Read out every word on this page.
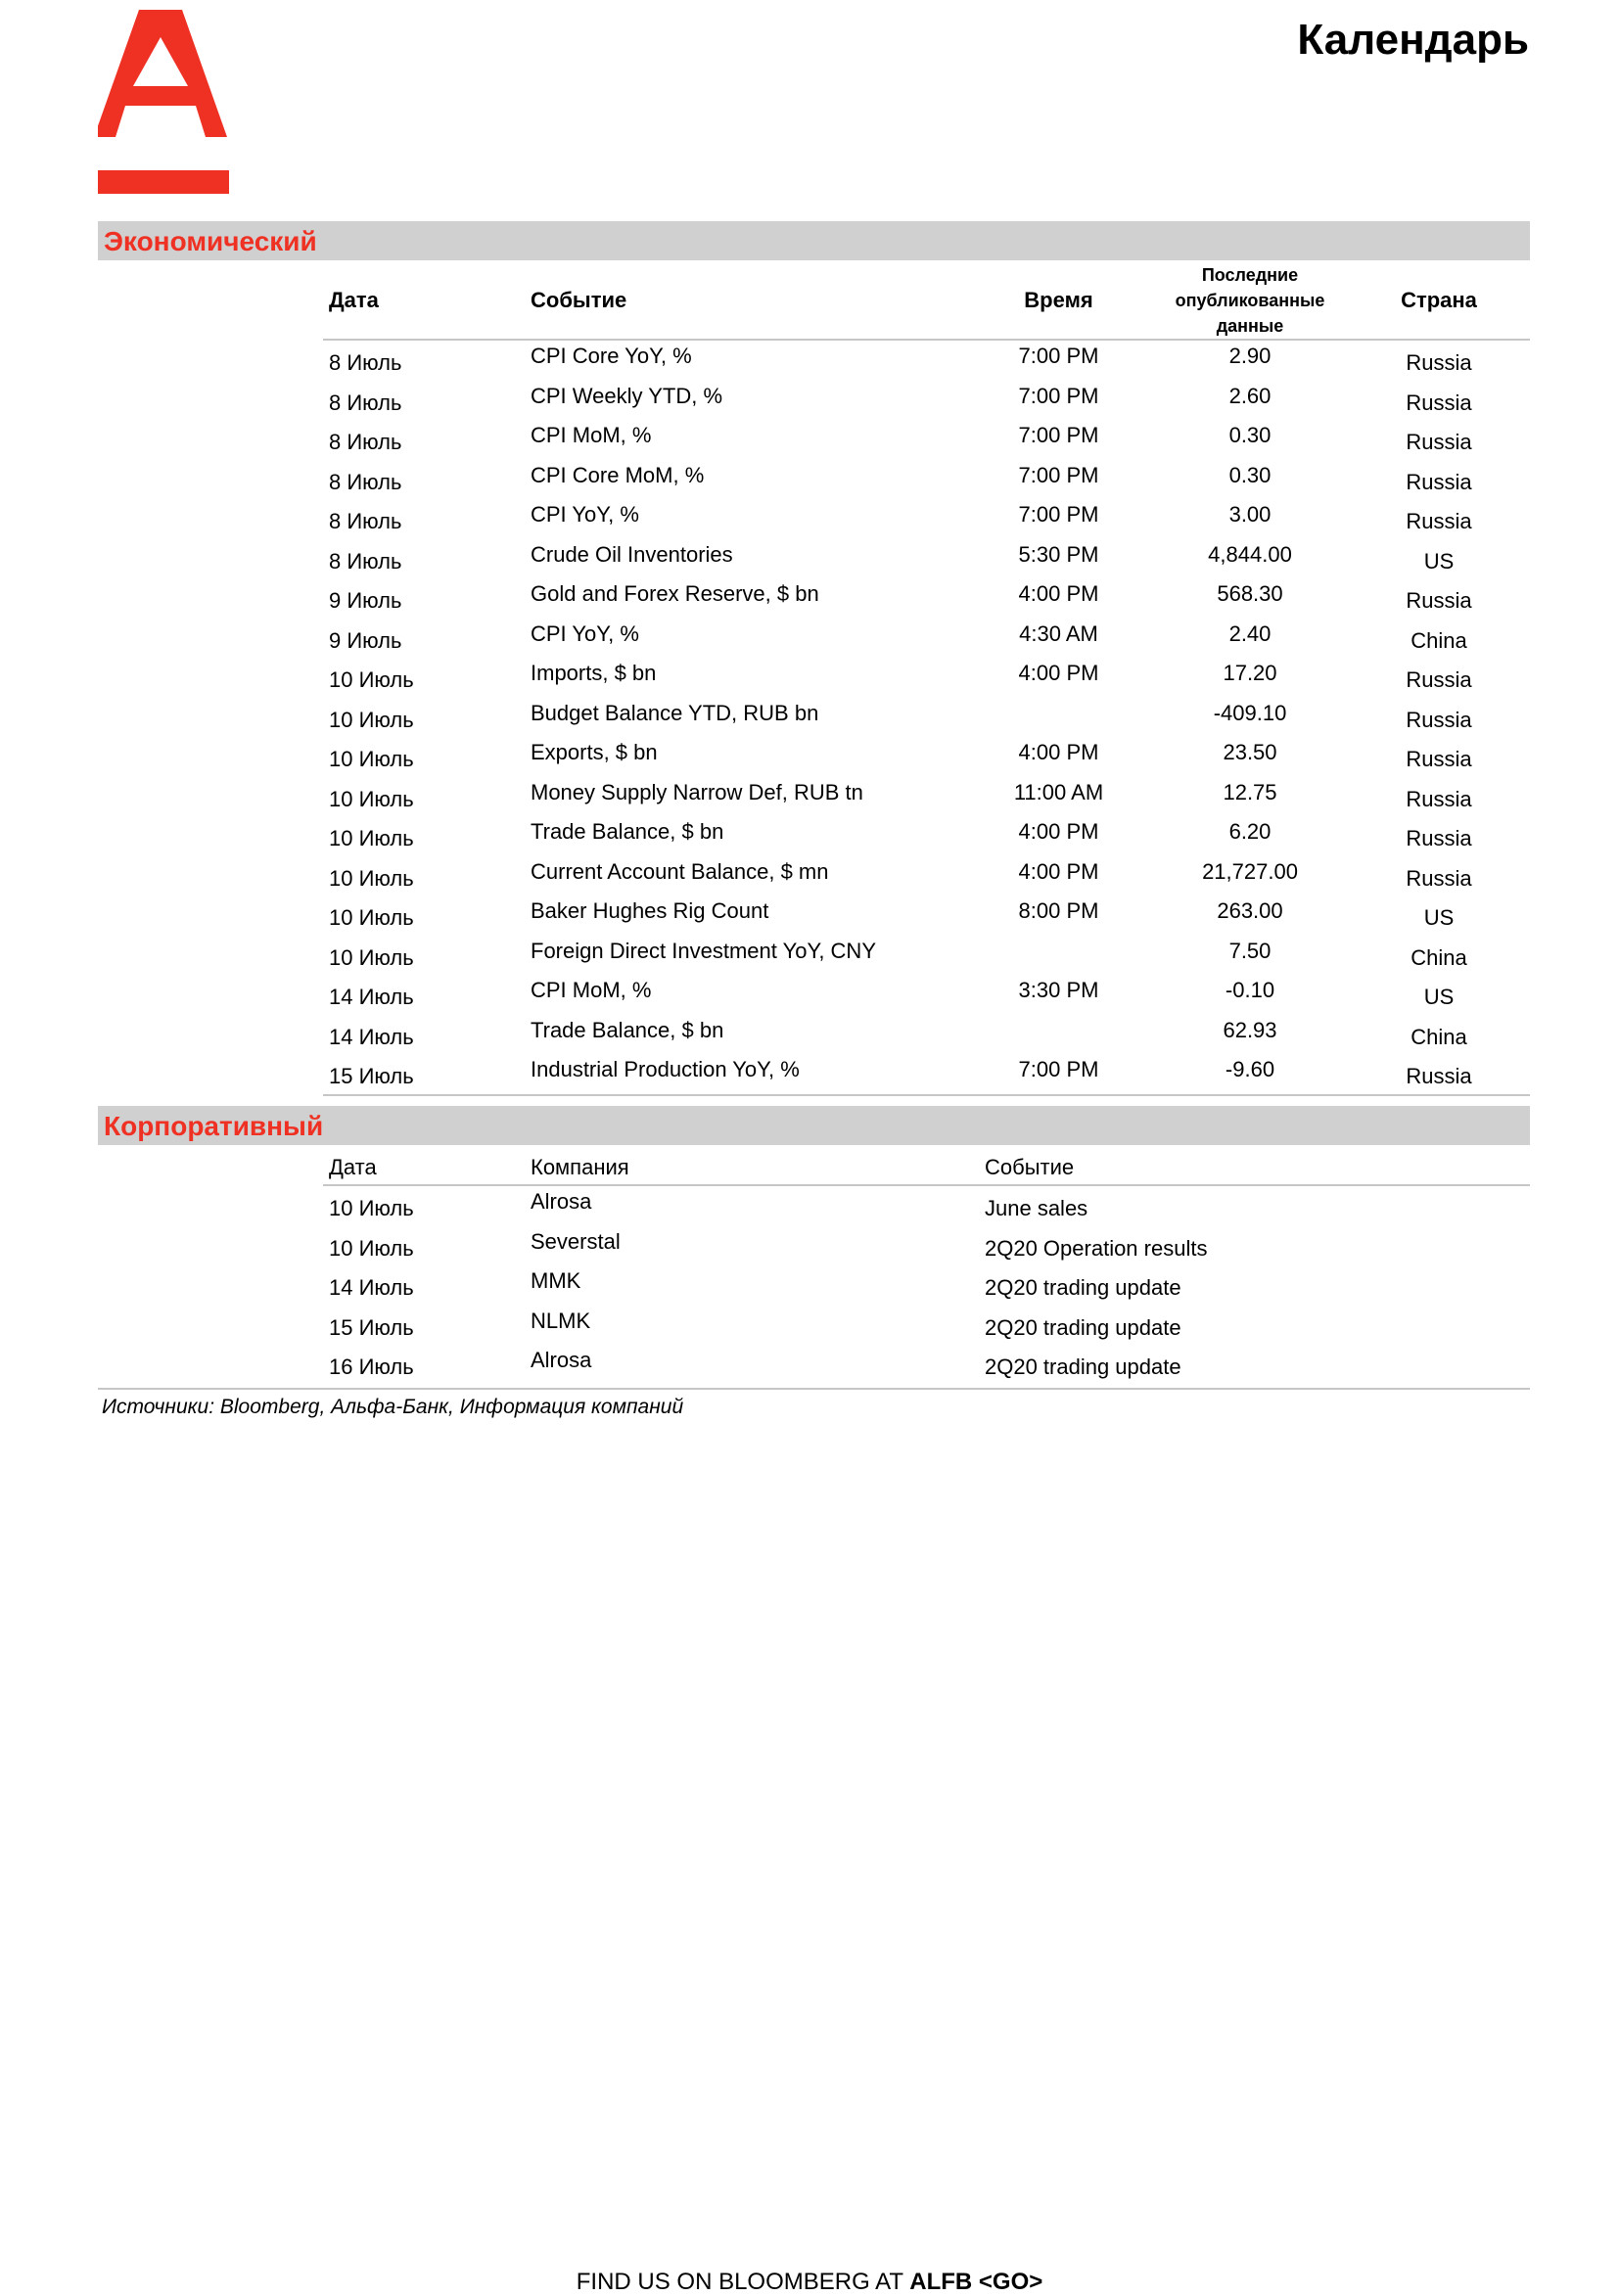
Календарь
Экономический
Дата	Событие	Время	Последние опубликованные данные	Страна
8 Июль	CPI Core YoY, %	7:00 PM	2.90	Russia
8 Июль	CPI Weekly YTD, %	7:00 PM	2.60	Russia
8 Июль	CPI MoM, %	7:00 PM	0.30	Russia
8 Июль	CPI Core MoM, %	7:00 PM	0.30	Russia
8 Июль	CPI YoY, %	7:00 PM	3.00	Russia
8 Июль	Crude Oil Inventories	5:30 PM	4,844.00	US
9 Июль	Gold and Forex Reserve, $ bn	4:00 PM	568.30	Russia
9 Июль	CPI YoY, %	4:30 AM	2.40	China
10 Июль	Imports, $ bn	4:00 PM	17.20	Russia
10 Июль	Budget Balance YTD, RUB bn		-409.10	Russia
10 Июль	Exports, $ bn	4:00 PM	23.50	Russia
10 Июль	Money Supply Narrow Def, RUB tn	11:00 AM	12.75	Russia
10 Июль	Trade Balance, $ bn	4:00 PM	6.20	Russia
10 Июль	Current Account Balance, $ mn	4:00 PM	21,727.00	Russia
10 Июль	Baker Hughes Rig Count	8:00 PM	263.00	US
10 Июль	Foreign Direct Investment YoY, CNY		7.50	China
14 Июль	CPI MoM, %	3:30 PM	-0.10	US
14 Июль	Trade Balance, $ bn		62.93	China
15 Июль	Industrial Production YoY, %	7:00 PM	-9.60	Russia
Корпоративный
Дата	Компания	Событие
10 Июль	Alrosa	June sales
10 Июль	Severstal	2Q20 Operation results
14 Июль	MMK	2Q20 trading update
15 Июль	NLMK	2Q20 trading update
16 Июль	Alrosa	2Q20 trading update
Источники: Bloomberg, Альфа-Банк, Информация компаний
FIND US ON BLOOMBERG AT ALFB <GO>
